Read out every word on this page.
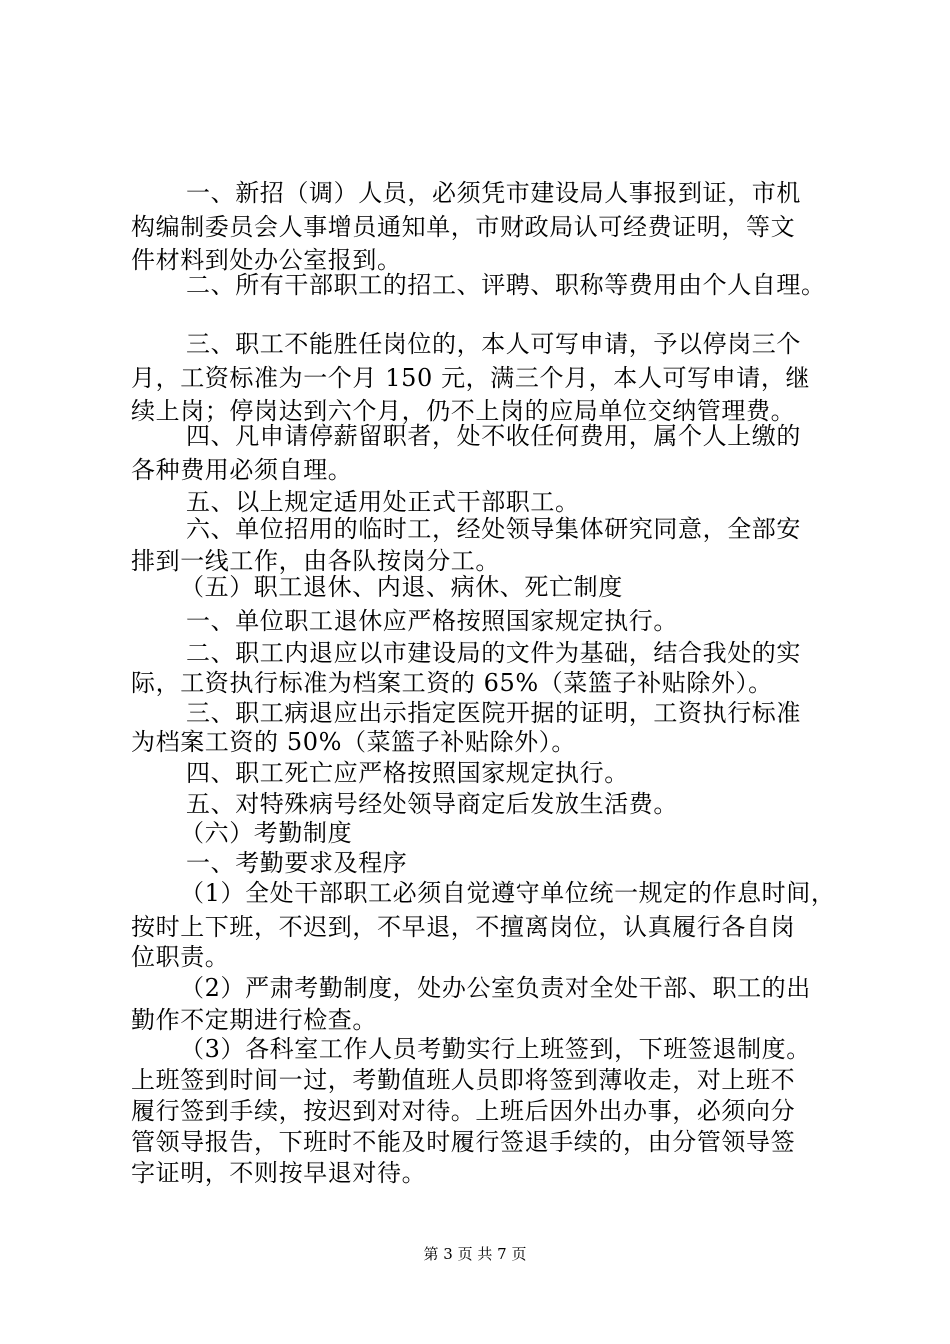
一、新招（调）人员，必须凭市建设局人事报到证，市机
构编制委员会人事增员通知单，市财政局认可经费证明，等文
件材料到处办公室报到。
二、所有干部职工的招工、评聘、职称等费用由个人自理。
三、职工不能胜任岗位的，本人可写申请，予以停岗三个
月，工资标准为一个月 150 元，满三个月，本人可写申请，继
续上岗；停岗达到六个月，仍不上岗的应局单位交纳管理费。
四、凡申请停薪留职者，处不收任何费用，属个人上缴的
各种费用必须自理。
五、以上规定适用处正式干部职工。
六、单位招用的临时工，经处领导集体研究同意，全部安
排到一线工作，由各队按岗分工。
（五）职工退休、内退、病休、死亡制度
一、单位职工退休应严格按照国家规定执行。
二、职工内退应以市建设局的文件为基础，结合我处的实
际，工资执行标准为档案工资的 65%（菜篮子补贴除外）。
三、职工病退应出示指定医院开据的证明，工资执行标准
为档案工资的 50%（菜篮子补贴除外）。
四、职工死亡应严格按照国家规定执行。
五、对特殊病号经处领导商定后发放生活费。
（六）考勤制度
一、考勤要求及程序
（1）全处干部职工必须自觉遵守单位统一规定的作息时间，
按时上下班，不迟到，不早退，不擅离岗位，认真履行各自岗
位职责。
（2）严肃考勤制度，处办公室负责对全处干部、职工的出
勤作不定期进行检查。
（3）各科室工作人员考勤实行上班签到，下班签退制度。
上班签到时间一过，考勤值班人员即将签到薄收走，对上班不
履行签到手续，按迟到对对待。上班后因外出办事，必须向分
管领导报告，下班时不能及时履行签退手续的，由分管领导签
字证明，不则按早退对待。
第 3 页 共 7 页
